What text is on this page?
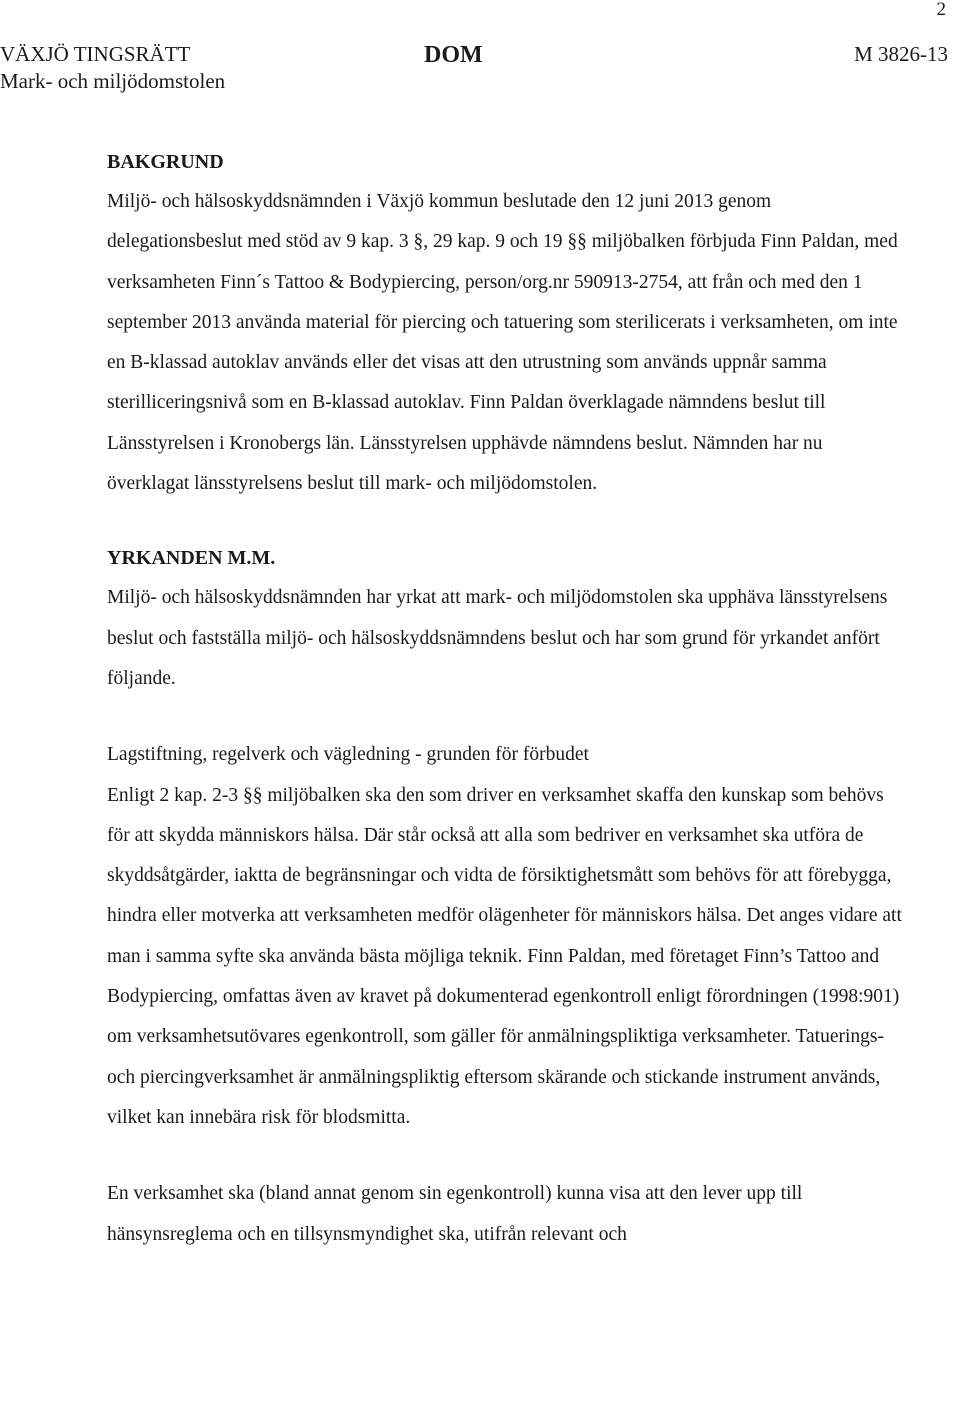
2
VÄXJÖ TINGSRÄTT
Mark- och miljödomstolen
DOM	M 3826-13
BAKGRUND

Miljö- och hälsoskyddsnämnden i Växjö kommun beslutade den 12 juni 2013 genom delegationsbeslut med stöd av 9 kap. 3 §, 29 kap. 9 och 19 §§ miljöbalken förbjuda Finn Paldan, med verksamheten Finn´s Tattoo & Bodypiercing, person/org.nr 590913-2754, att från och med den 1 september 2013 använda material för piercing och tatuering som sterilicerats i verksamheten, om inte en B-klassad autoklav används eller det visas att den utrustning som används uppnår samma sterilliceringsnivå som en B-klassad autoklav. Finn Paldan överklagade nämndens beslut till Länsstyrelsen i Kronobergs län. Länsstyrelsen upphävde nämndens beslut. Nämnden har nu överklagat länsstyrelsens beslut till mark- och miljödomstolen.

YRKANDEN M.M.

Miljö- och hälsoskyddsnämnden har yrkat att mark- och miljödomstolen ska upphäva länsstyrelsens beslut och fastställa miljö- och hälsoskyddsnämndens beslut och har som grund för yrkandet anfört följande.

Lagstiftning, regelverk och vägledning - grunden för förbudet

Enligt 2 kap. 2-3 §§ miljöbalken ska den som driver en verksamhet skaffa den kunskap som behövs för att skydda människors hälsa. Där står också att alla som bedriver en verksamhet ska utföra de skyddsåtgärder, iaktta de begränsningar och vidta de försiktighetsmått som behövs för att förebygga, hindra eller motverka att verksamheten medför olägenheter för människors hälsa. Det anges vidare att man i samma syfte ska använda bästa möjliga teknik. Finn Paldan, med företaget Finn’s Tattoo and Bodypiercing, omfattas även av kravet på dokumenterad egenkontroll enligt förordningen (1998:901) om verksamhetsutövares egenkontroll, som gäller för anmälningspliktiga verksamheter. Tatuerings- och piercingverksamhet är anmälningspliktig eftersom skärande och stickande instrument används, vilket kan innebära risk för blodsmitta.

En verksamhet ska (bland annat genom sin egenkontroll) kunna visa att den lever upp till hänsynsreglema och en tillsynsmyndighet ska, utifrån relevant och
